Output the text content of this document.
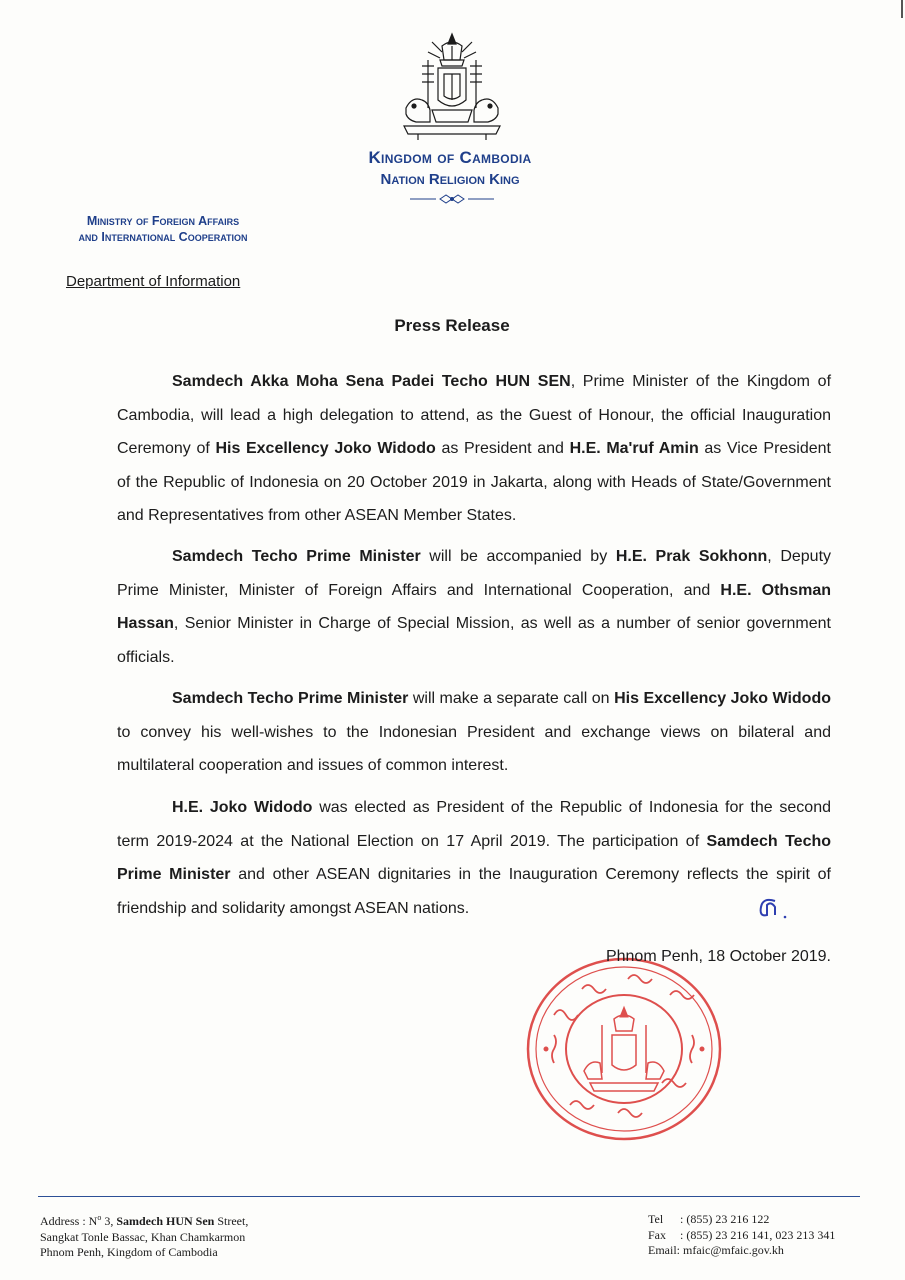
Kingdom of Cambodia
Nation Religion King
Ministry of Foreign Affairs
and International Cooperation
Department of Information
Press Release

Samdech Akka Moha Sena Padei Techo HUN SEN, Prime Minister of the Kingdom of Cambodia, will lead a high delegation to attend, as the Guest of Honour, the official Inauguration Ceremony of His Excellency Joko Widodo as President and H.E. Ma'ruf Amin as Vice President of the Republic of Indonesia on 20 October 2019 in Jakarta, along with Heads of State/Government and Representatives from other ASEAN Member States.

Samdech Techo Prime Minister will be accompanied by H.E. Prak Sokhonn, Deputy Prime Minister, Minister of Foreign Affairs and International Cooperation, and H.E. Othsman Hassan, Senior Minister in Charge of Special Mission, as well as a number of senior government officials.

Samdech Techo Prime Minister will make a separate call on His Excellency Joko Widodo to convey his well-wishes to the Indonesian President and exchange views on bilateral and multilateral cooperation and issues of common interest.

H.E. Joko Widodo was elected as President of the Republic of Indonesia for the second term 2019-2024 at the National Election on 17 April 2019. The participation of Samdech Techo Prime Minister and other ASEAN dignitaries in the Inauguration Ceremony reflects the spirit of friendship and solidarity amongst ASEAN nations.

Phnom Penh, 18 October 2019.
Address : $N^o$ 3, Samdech HUN Sen Street,
Sangkat Tonle Bassac, Khan Chamkarmon
Phnom Penh, Kingdom of Cambodia
Tel	: (855) 23 216 122
Fax	: (855) 23 216 141, 023 213 341
Email : mfaic@mfaic.gov.kh
